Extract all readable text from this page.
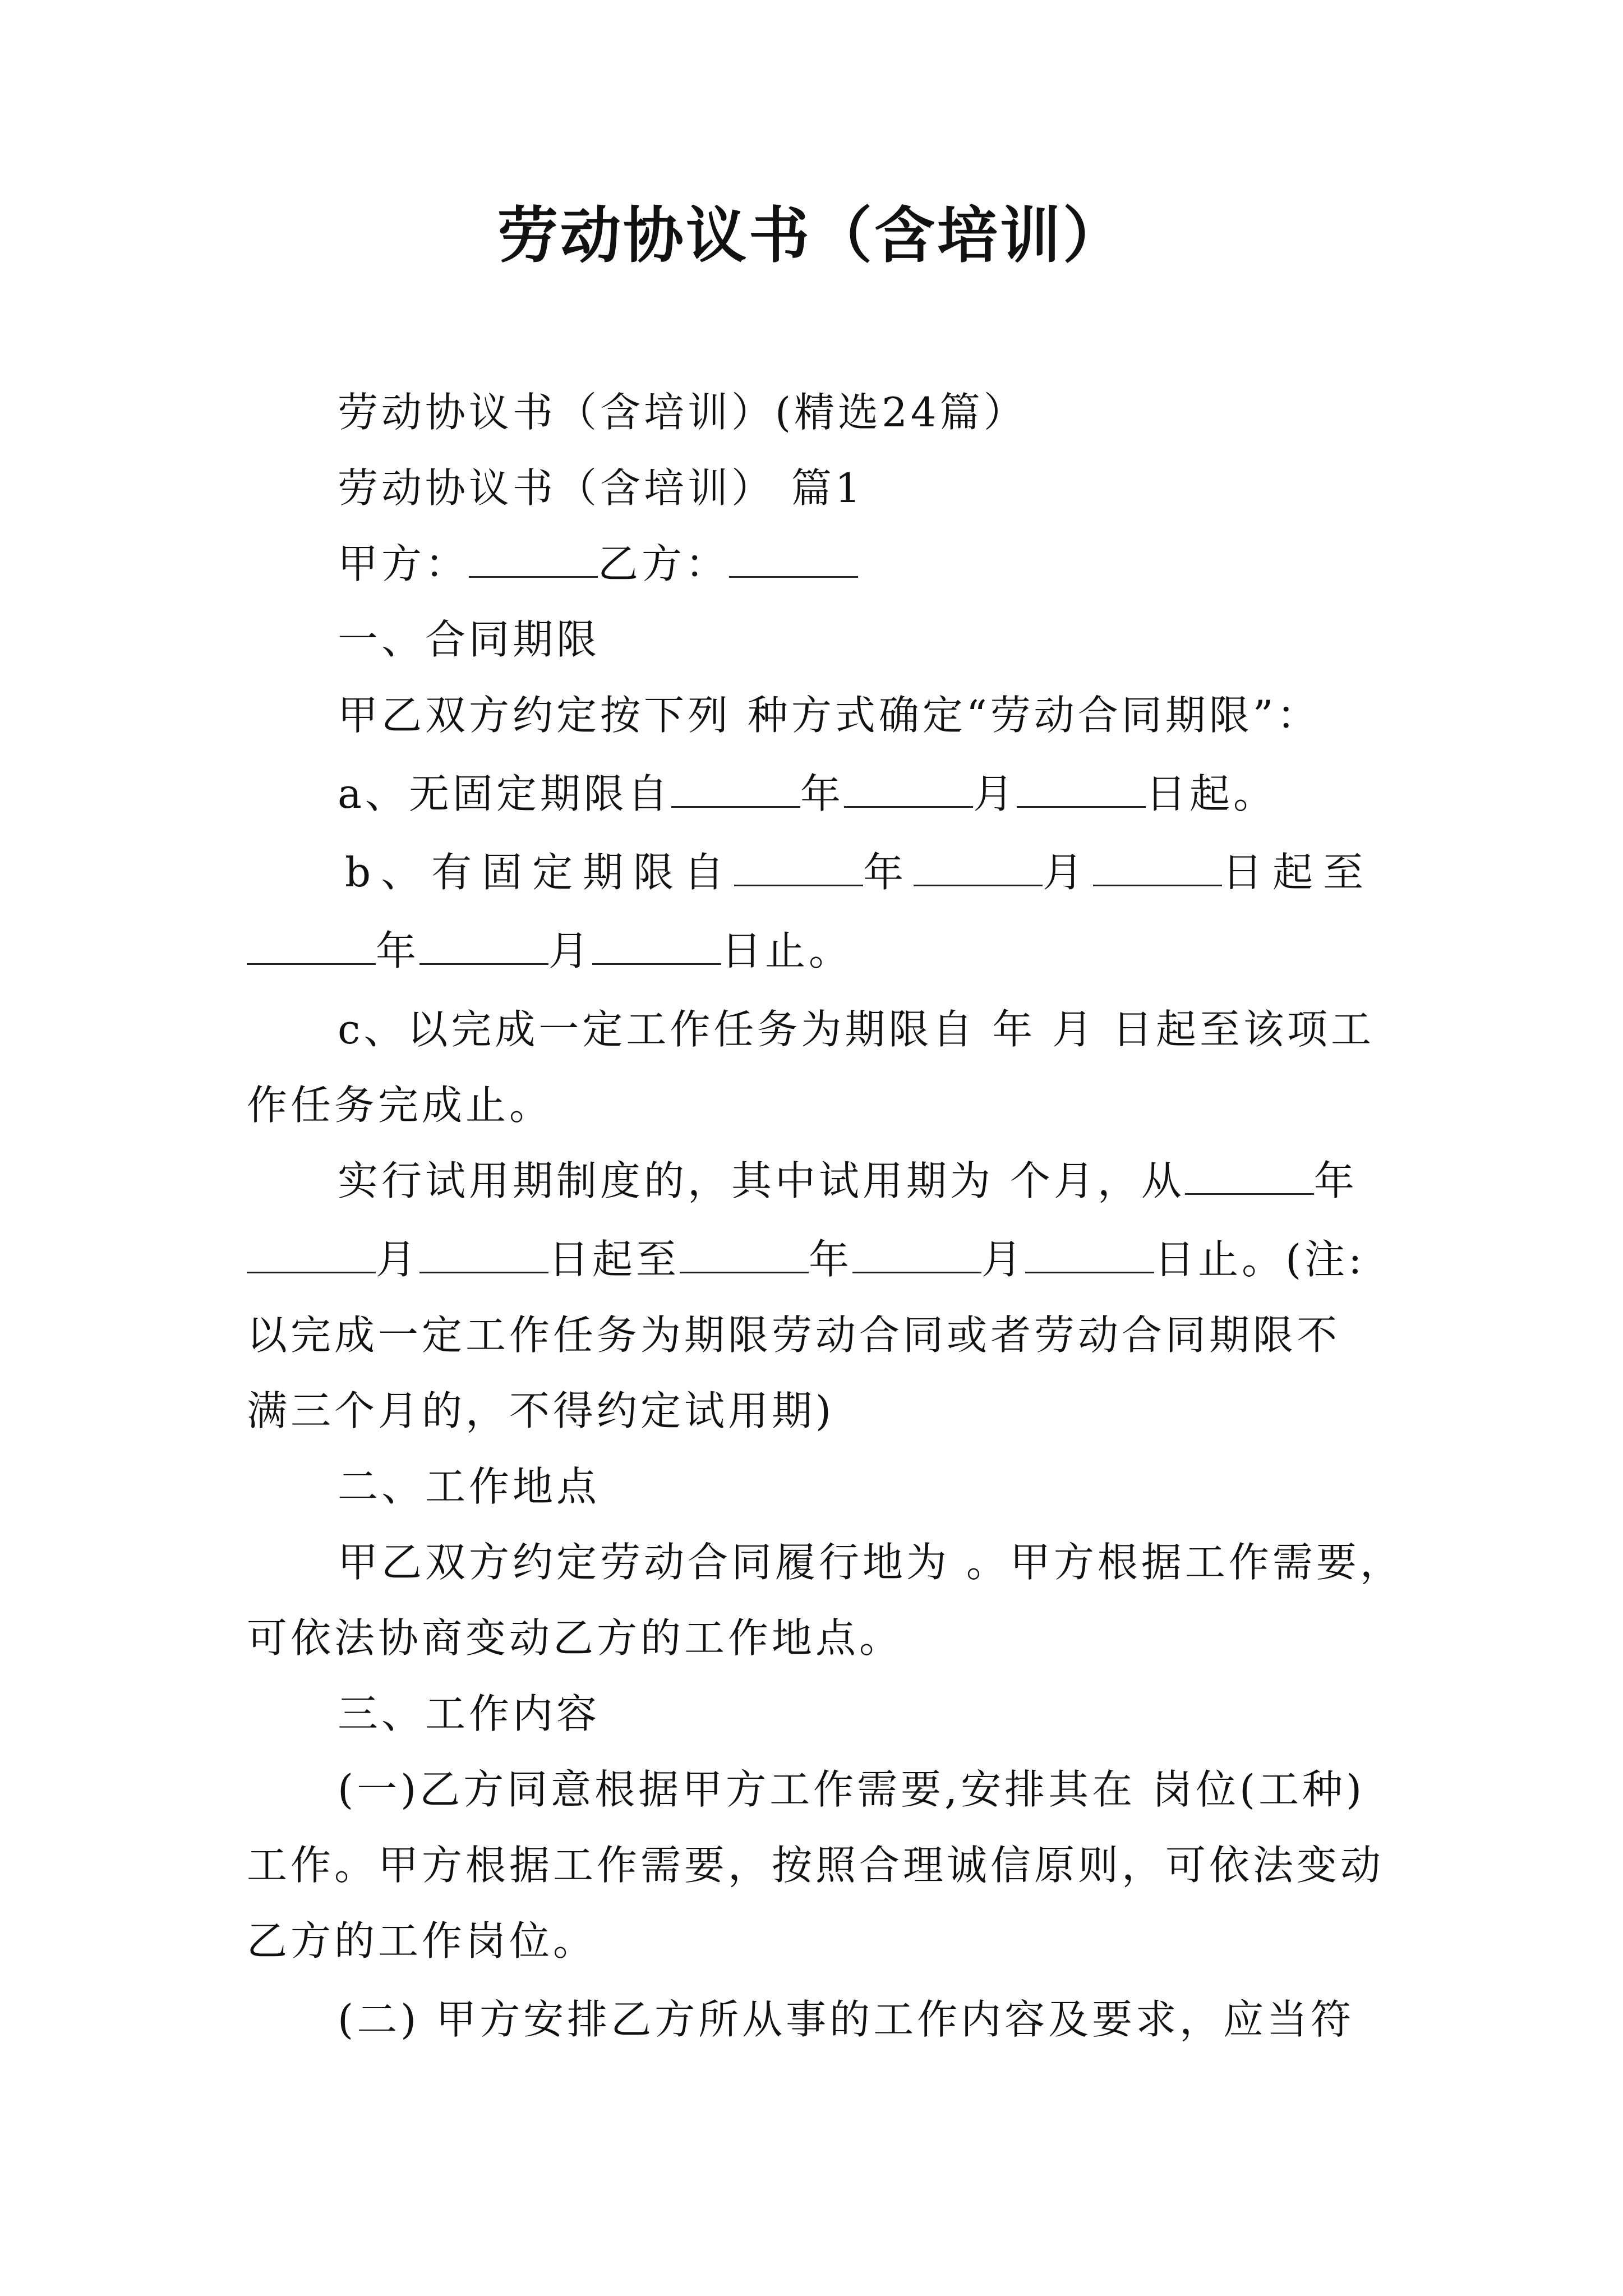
劳动协议书（含培训）
劳动协议书（含培训）(精选24篇）
劳动协议书（含培训） 篇1
甲方：	乙方：
一、合同期限
甲乙双方约定按下列 种方式确定“劳动合同期限”：
a、无固定期限自	年	月	日起。
b、有固定期限自	年	月	日起至
年	月	日止。
c、以完成一定工作任务为期限自 年 月 日起至该项工
作任务完成止。
实行试用期制度的，其中试用期为 个月，从	年
月	日起至	年	月	日止。(注:
以完成一定工作任务为期限劳动合同或者劳动合同期限不
满三个月的，不得约定试用期)
二、工作地点
甲乙双方约定劳动合同履行地为 。甲方根据工作需要，
可依法协商变动乙方的工作地点。
三、工作内容
(一)乙方同意根据甲方工作需要,安排其在 岗位(工种)
工作。甲方根据工作需要，按照合理诚信原则，可依法变动
乙方的工作岗位。
(二) 甲方安排乙方所从事的工作内容及要求，应当符
